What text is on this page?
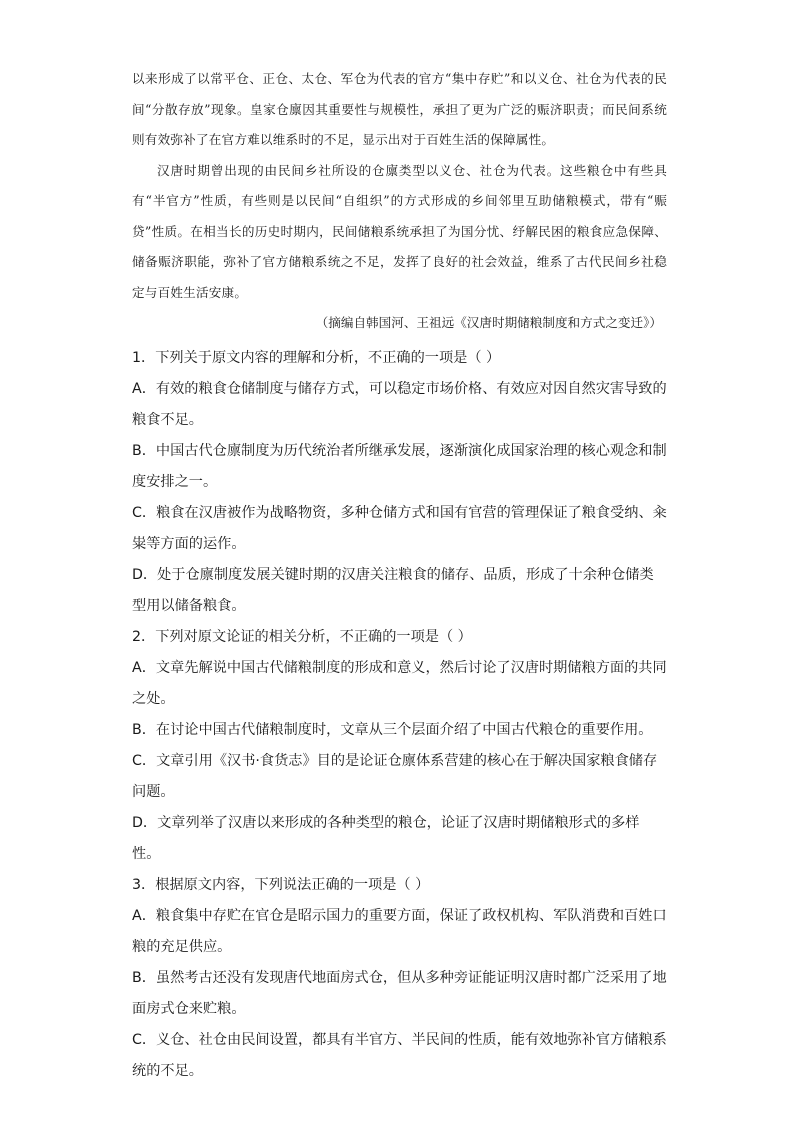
以来形成了以常平仓、正仓、太仓、军仓为代表的官方“集中存贮”和以义仓、社仓为代表的民间“分散存放”现象。皇家仓廪因其重要性与规模性，承担了更为广泛的赈济职责；而民间系统则有效弥补了在官方难以维系时的不足，显示出对于百姓生活的保障属性。

汉唐时期曾出现的由民间乡社所设的仓廪类型以义仓、社仓为代表。这些粮仓中有些具有“半官方”性质，有些则是以民间“自组织”的方式形成的乡间邻里互助储粮模式，带有“赈贷”性质。在相当长的历史时期内，民间储粮系统承担了为国分忧、纾解民困的粮食应急保障、储备赈济职能，弥补了官方储粮系统之不足，发挥了良好的社会效益，维系了古代民间乡社稳定与百姓生活安康。

（摘编自韩国河、王祖远《汉唐时期储粮制度和方式之变迁》）

1．下列关于原文内容的理解和分析，不正确的一项是（ ）

A．有效的粮食仓储制度与储存方式，可以稳定市场价格、有效应对因自然灾害导致的粮食不足。

B．中国古代仓廪制度为历代统治者所继承发展，逐渐演化成国家治理的核心观念和制度安排之一。

C．粮食在汉唐被作为战略物资，多种仓储方式和国有官营的管理保证了粮食受纳、籴粜等方面的运作。

D．处于仓廪制度发展关键时期的汉唐关注粮食的储存、品质，形成了十余种仓储类型用以储备粮食。

2．下列对原文论证的相关分析，不正确的一项是（ ）

A．文章先解说中国古代储粮制度的形成和意义，然后讨论了汉唐时期储粮方面的共同之处。

B．在讨论中国古代储粮制度时，文章从三个层面介绍了中国古代粮仓的重要作用。

C．文章引用《汉书·食货志》目的是论证仓廪体系营建的核心在于解决国家粮食储存问题。

D．文章列举了汉唐以来形成的各种类型的粮仓，论证了汉唐时期储粮形式的多样性。

3．根据原文内容，下列说法正确的一项是（ ）

A．粮食集中存贮在官仓是昭示国力的重要方面，保证了政权机构、军队消费和百姓口粮的充足供应。

B．虽然考古还没有发现唐代地面房式仓，但从多种旁证能证明汉唐时都广泛采用了地面房式仓来贮粮。

C．义仓、社仓由民间设置，都具有半官方、半民间的性质，能有效地弥补官方储粮系统的不足。
